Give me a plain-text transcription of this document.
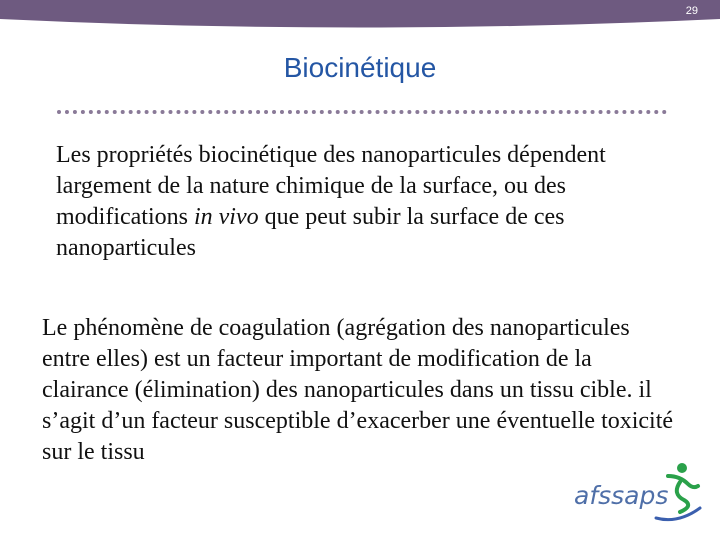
29
Biocinétique

Les propriétés biocinétique des nanoparticules dépendent largement de la nature chimique de la surface, ou des modifications in vivo que peut subir la surface de ces nanoparticules

Le phénomène de coagulation (agrégation des nanoparticules entre elles) est un facteur important de modification de la clairance (élimination) des nanoparticules dans un tissu cible. il s’agit d’un facteur susceptible d’exacerber une éventuelle toxicité sur le tissu

afssaps
